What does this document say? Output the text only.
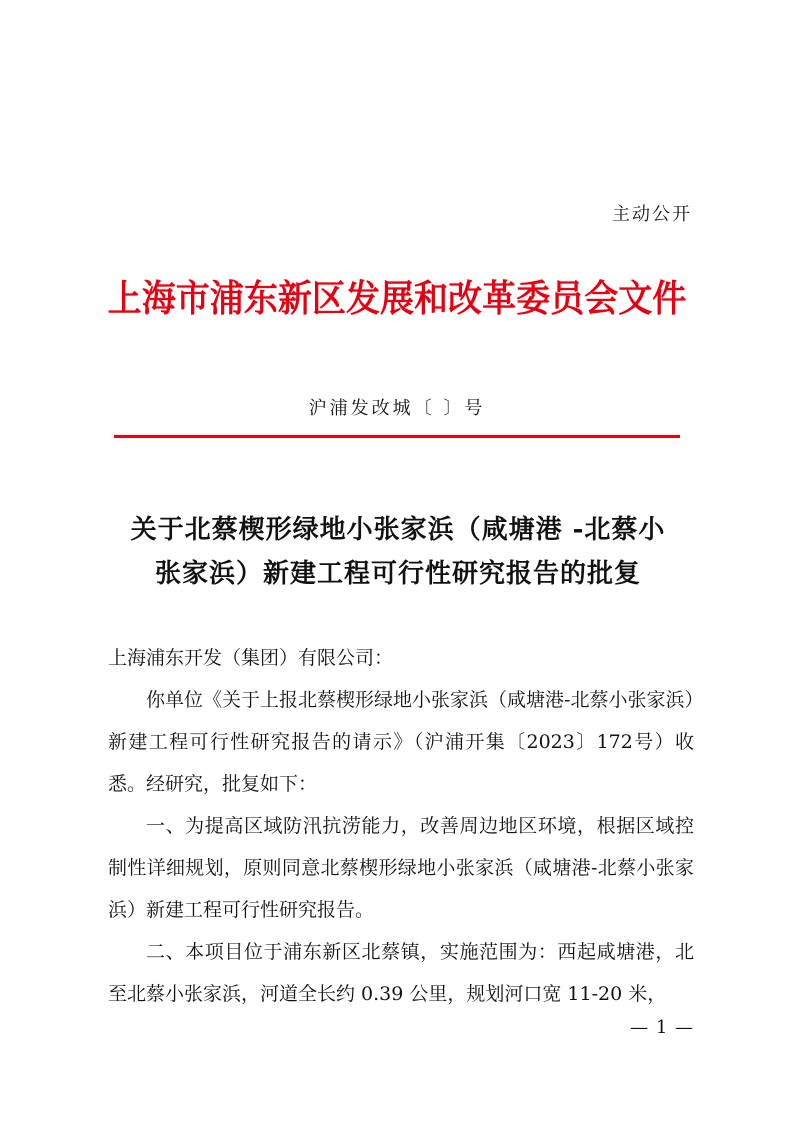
主动公开
上海市浦东新区发展和改革委员会文件
沪浦发改城〔 〕号
关于北蔡楔形绿地小张家浜（咸塘港 -北蔡小
张家浜）新建工程可行性研究报告的批复

上海浦东开发（集团）有限公司：

你单位《关于上报北蔡楔形绿地小张家浜（咸塘港-北蔡小张家浜）新建工程可行性研究报告的请示》（沪浦开集〔2023〕172号）收悉。经研究，批复如下：

一、为提高区域防汛抗涝能力，改善周边地区环境，根据区域控制性详细规划，原则同意北蔡楔形绿地小张家浜（咸塘港-北蔡小张家浜）新建工程可行性研究报告。

二、本项目位于浦东新区北蔡镇，实施范围为：西起咸塘港，北至北蔡小张家浜，河道全长约 0.39 公里，规划河口宽 11-20 米，

— 1 —
